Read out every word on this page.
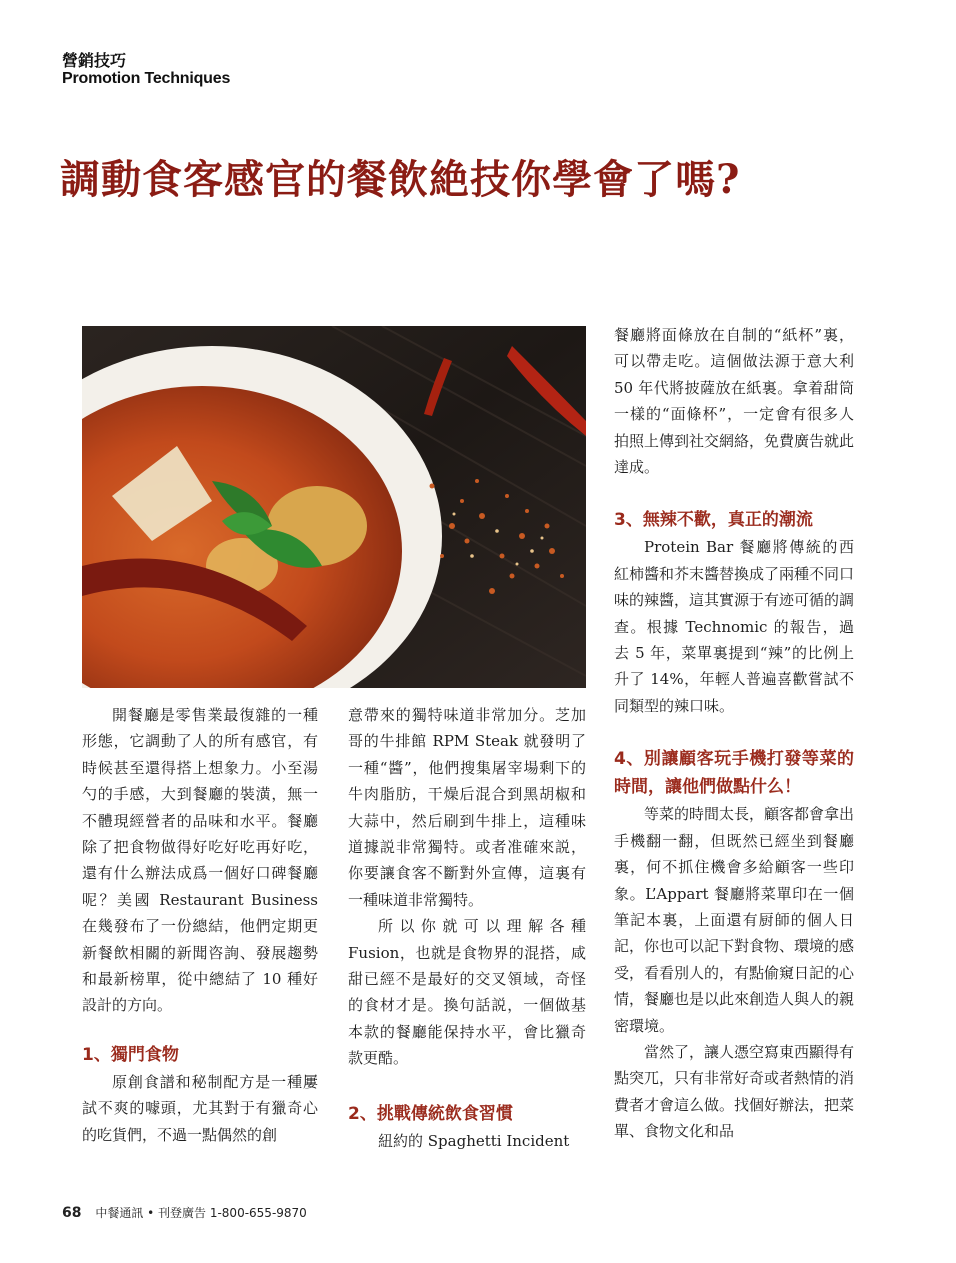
營銷技巧
Promotion Techniques
調動食客感官的餐飲絶技你學會了嗎?

開餐廳是零售業最復雜的一種形態，它調動了人的所有感官，有時候甚至還得搭上想象力。小至湯勺的手感，大到餐廳的裝潢，無一不體現經營者的品味和水平。餐廳除了把食物做得好吃好吃再好吃，還有什么辦法成爲一個好口碑餐廳呢？美國 Restaurant Business 在幾發布了一份總結，他們定期更新餐飲相關的新聞咨詢、發展趨勢和最新榜單，從中總結了 10 種好設計的方向。

1、獨門食物

原創食譜和秘制配方是一種屢試不爽的噱頭，尤其對于有獵奇心的吃貨們，不過一點偶然的創

意帶來的獨特味道非常加分。芝加哥的牛排館 RPM Steak 就發明了一種“醬”，他們搜集屠宰場剩下的牛肉脂肪，干燥后混合到黑胡椒和大蒜中，然后刷到牛排上，這種味道據説非常獨特。或者准確來説，你要讓食客不斷對外宣傳，這裏有一種味道非常獨特。

所以你就可以理解各種 Fusion，也就是食物界的混搭，咸甜已經不是最好的交叉領域，奇怪的食材才是。換句話説，一個做基本款的餐廳能保持水平，會比獵奇款更酷。

2、挑戰傳統飲食習慣

紐約的 Spaghetti Incident

餐廳將面條放在自制的“紙杯”裏，可以帶走吃。這個做法源于意大利 50 年代將披薩放在紙裏。拿着甜筒一樣的“面條杯”，一定會有很多人拍照上傳到社交網絡，免費廣告就此達成。

3、無辣不歡，真正的潮流

Protein Bar 餐廳將傳統的西紅柿醬和芥末醬替換成了兩種不同口味的辣醬，這其實源于有迹可循的調查。根據 Technomic 的報告，過去 5 年，菜單裏提到“辣”的比例上升了 14%，年輕人普遍喜歡嘗試不同類型的辣口味。

4、別讓顧客玩手機打發等菜的時間，讓他們做點什么！

等菜的時間太長，顧客都會拿出手機翻一翻，但既然已經坐到餐廳裏，何不抓住機會多給顧客一些印象。L’Appart 餐廳將菜單印在一個筆記本裏，上面還有厨師的個人日記，你也可以記下對食物、環境的感受，看看別人的，有點偷窺日記的心情，餐廳也是以此來創造人與人的親密環境。

當然了，讓人憑空寫東西顯得有點突兀，只有非常好奇或者熱情的消費者才會這么做。找個好辦法，把菜單、食物文化和品

68 中餐通訊 • 刊登廣告 1-800-655-9870
